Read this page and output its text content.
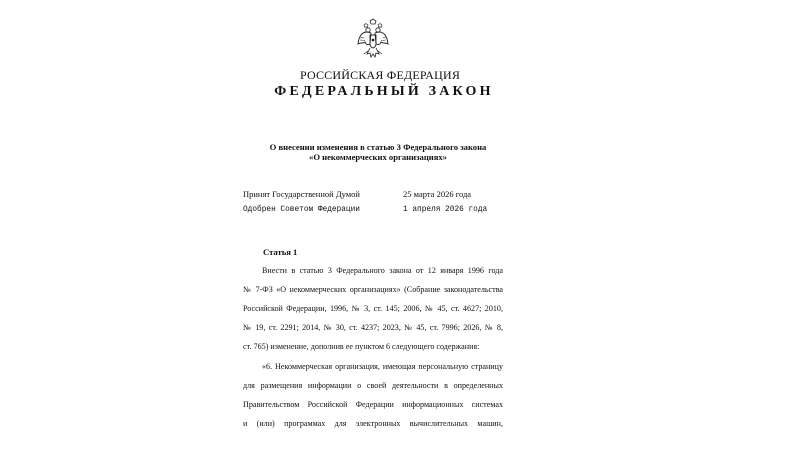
РОССИЙСКАЯ ФЕДЕРАЦИЯ
ФЕДЕРАЛЬНЫЙ ЗАКОН
О внесении изменения в статью 3 Федерального закона
«О некоммерческих организациях»
Принят Государственной Думой	25 марта 2026 года
Одобрен Советом Федерации	1 апреля 2026 года
Статья 1
Внести в статью 3 Федерального закона от 12 января 1996 года
№ 7-ФЗ «О некоммерческих организациях» (Собрание законодательства
Российской Федерации, 1996, № 3, ст. 145; 2006, № 45, ст. 4627; 2010,
№ 19, ст. 2291; 2014, № 30, ст. 4237; 2023, № 45, ст. 7996; 2026, № 8,
ст. 765) изменение, дополнив ее пунктом 6 следующего содержания:
«6. Некоммерческая организация, имеющая персональную страницу
для размещения информации о своей деятельности в определенных
Правительством Российской Федерации информационных системах
и (или) программах для электронных вычислительных машин,
